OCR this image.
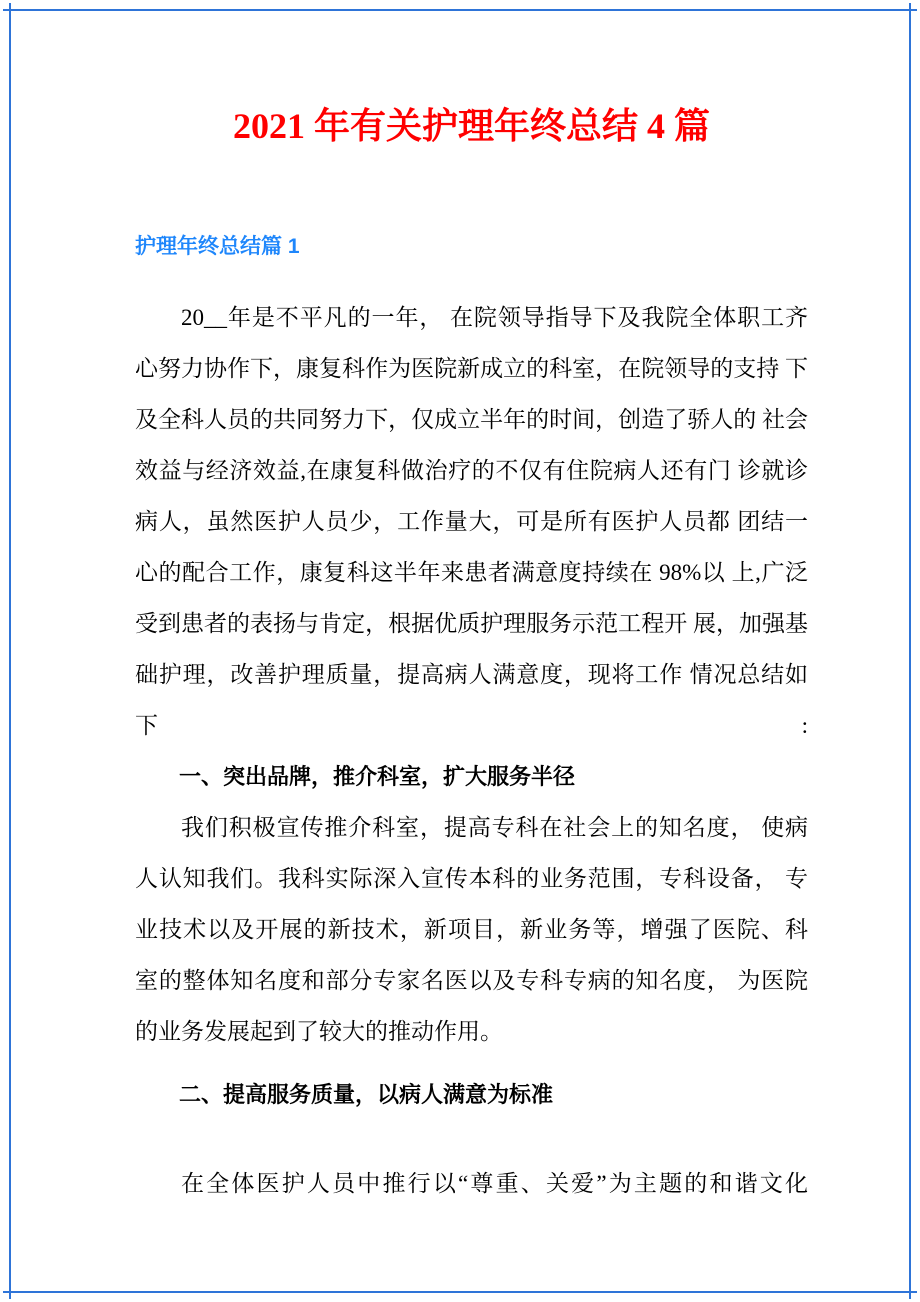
2021 年有关护理年终总结 4 篇
护理年终总结篇 1
20__年是不平凡的一年， 在院领导指导下及我院全体职工齐
心努力协作下，康复科作为医院新成立的科室，在院领导的支持 下
及全科人员的共同努力下，仅成立半年的时间，创造了骄人的 社会
效益与经济效益,在康复科做治疗的不仅有住院病人还有门 诊就诊
病人，虽然医护人员少，工作量大，可是所有医护人员都 团结一
心的配合工作，康复科这半年来患者满意度持续在 98%以 上,广泛
受到患者的表扬与肯定，根据优质护理服务示范工程开 展，加强基
础护理，改善护理质量，提高病人满意度，现将工作 情况总结如下:
一、突出品牌，推介科室，扩大服务半径
我们积极宣传推介科室，提高专科在社会上的知名度， 使病
人认知我们。我科实际深入宣传本科的业务范围，专科设备， 专
业技术以及开展的新技术，新项目，新业务等，增强了医院、科
室的整体知名度和部分专家名医以及专科专病的知名度， 为医院
的业务发展起到了较大的推动作用。
二、提高服务质量，以病人满意为标准
在全体医护人员中推行以“尊重、关爱”为主题的和谐文化
